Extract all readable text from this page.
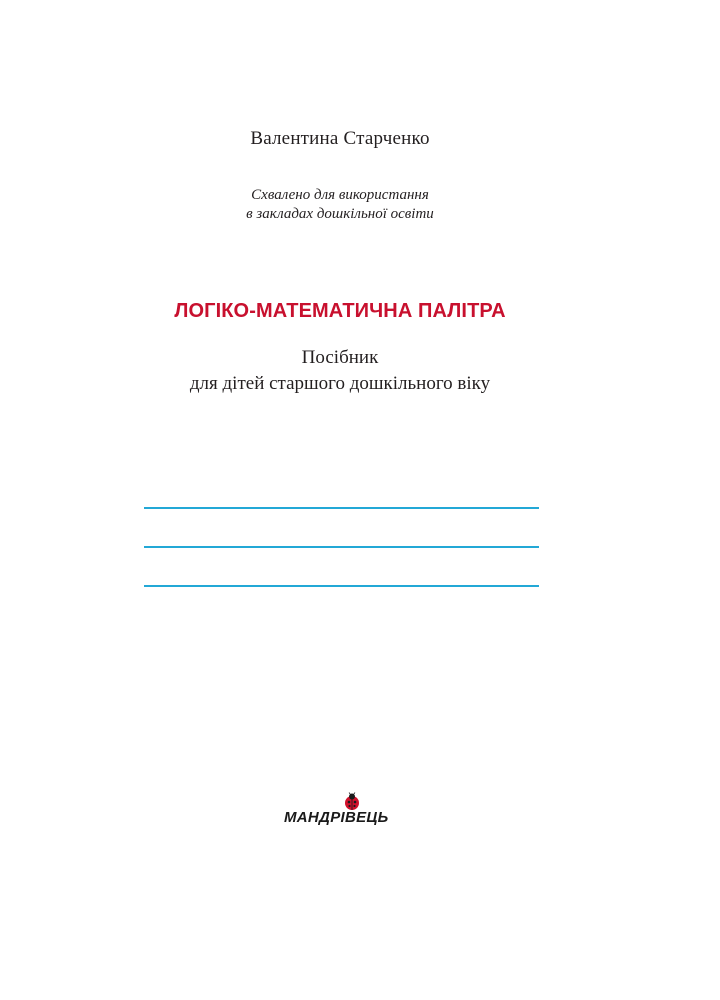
Валентина Старченко
Схвалено для використання
в закладах дошкільної освіти
ЛОГІКО-МАТЕМАТИЧНА ПАЛІТРА
Посібник
для дітей старшого дошкільного віку
МАНДРІВЕЦЬ
